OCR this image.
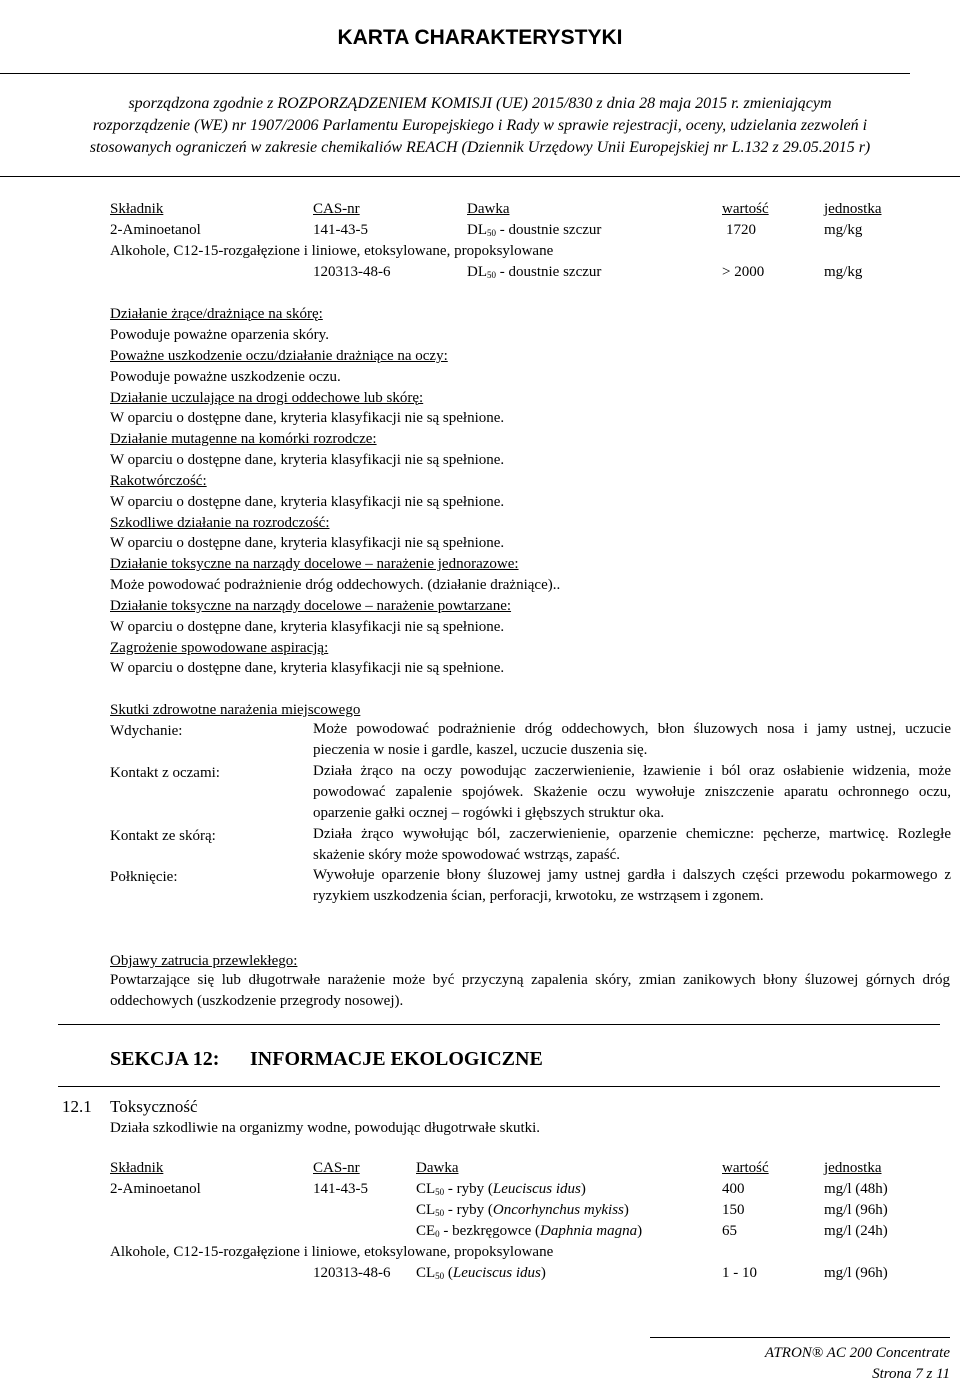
KARTA CHARAKTERYSTYKI
sporządzona zgodnie z ROZPORZĄDZENIEM KOMISJI (UE) 2015/830 z dnia 28 maja 2015 r. zmieniającym
rozporządzenie (WE) nr 1907/2006 Parlamentu Europejskiego i Rady w sprawie rejestracji, oceny, udzielania zezwoleń i
stosowanych ograniczeń w zakresie chemikaliów REACH (Dziennik Urzędowy Unii Europejskiej nr L.132 z 29.05.2015 r)
Składnik	CAS-nr	Dawka	wartość	jednostka
2-Aminoetanol	141-43-5	$DL_{50}$ - doustnie szczur	1720	mg/kg
Alkohole, C12-15-rozgałęzione i liniowe, etoksylowane, propoksylowane
120313-48-6	$DL_{50}$ - doustnie szczur	> 2000	mg/kg
Działanie żrące/drażniące na skórę:
Powoduje poważne oparzenia skóry.
Poważne uszkodzenie oczu/działanie drażniące na oczy:
Powoduje poważne uszkodzenie oczu.
Działanie uczulające na drogi oddechowe lub skórę:
W oparciu o dostępne dane, kryteria klasyfikacji nie są spełnione.
Działanie mutagenne na komórki rozrodcze:
W oparciu o dostępne dane, kryteria klasyfikacji nie są spełnione.
Rakotwórczość:
W oparciu o dostępne dane, kryteria klasyfikacji nie są spełnione.
Szkodliwe działanie na rozrodczość:
W oparciu o dostępne dane, kryteria klasyfikacji nie są spełnione.
Działanie toksyczne na narządy docelowe – narażenie jednorazowe:
Może powodować podrażnienie dróg oddechowych. (działanie drażniące)..
Działanie toksyczne na narządy docelowe – narażenie powtarzane:
W oparciu o dostępne dane, kryteria klasyfikacji nie są spełnione.
Zagrożenie spowodowane aspiracją:
W oparciu o dostępne dane, kryteria klasyfikacji nie są spełnione.
Skutki zdrowotne narażenia miejscowego
Wdychanie:	Może powodować podrażnienie dróg oddechowych, błon śluzowych nosa i jamy ustnej, uczucie pieczenia w nosie i gardle, kaszel, uczucie duszenia się.
Kontakt z oczami:	Działa żrąco na oczy powodując zaczerwienienie, łzawienie i ból oraz osłabienie widzenia, może powodować zapalenie spojówek. Skażenie oczu wywołuje zniszczenie aparatu ochronnego oczu, oparzenie gałki ocznej – rogówki i głębszych struktur oka.
Kontakt ze skórą:	Działa żrąco wywołując ból, zaczerwienienie, oparzenie chemiczne: pęcherze, martwicę. Rozległe skażenie skóry może spowodować wstrząs, zapaść.
Połknięcie:	Wywołuje oparzenie błony śluzowej jamy ustnej gardła i dalszych części przewodu pokarmowego z ryzykiem uszkodzenia ścian, perforacji, krwotoku, ze wstrząsem i zgonem.
Objawy zatrucia przewlekłego:
Powtarzające się lub długotrwałe narażenie może być przyczyną zapalenia skóry, zmian zanikowych błony śluzowej górnych dróg oddechowych (uszkodzenie przegrody nosowej).
SEKCJA 12: INFORMACJE EKOLOGICZNE
12.1 Toksyczność
Działa szkodliwie na organizmy wodne, powodując długotrwałe skutki.
Składnik	CAS-nr	Dawka	wartość	jednostka
2-Aminoetanol	141-43-5	$CL_{50}$ - ryby (Leuciscus idus)	400	mg/l (48h)
$CL_{50}$ - ryby (Oncorhynchus mykiss)	150	mg/l (96h)
$CE_0$ - bezkręgowce (Daphnia magna)	65	mg/l (24h)
Alkohole, C12-15-rozgałęzione i liniowe, etoksylowane, propoksylowane
120313-48-6 $CL_{50}$ (Leuciscus idus)	1 - 10	mg/l (96h)
ATRON® AC 200 Concentrate
Strona 7 z 11
